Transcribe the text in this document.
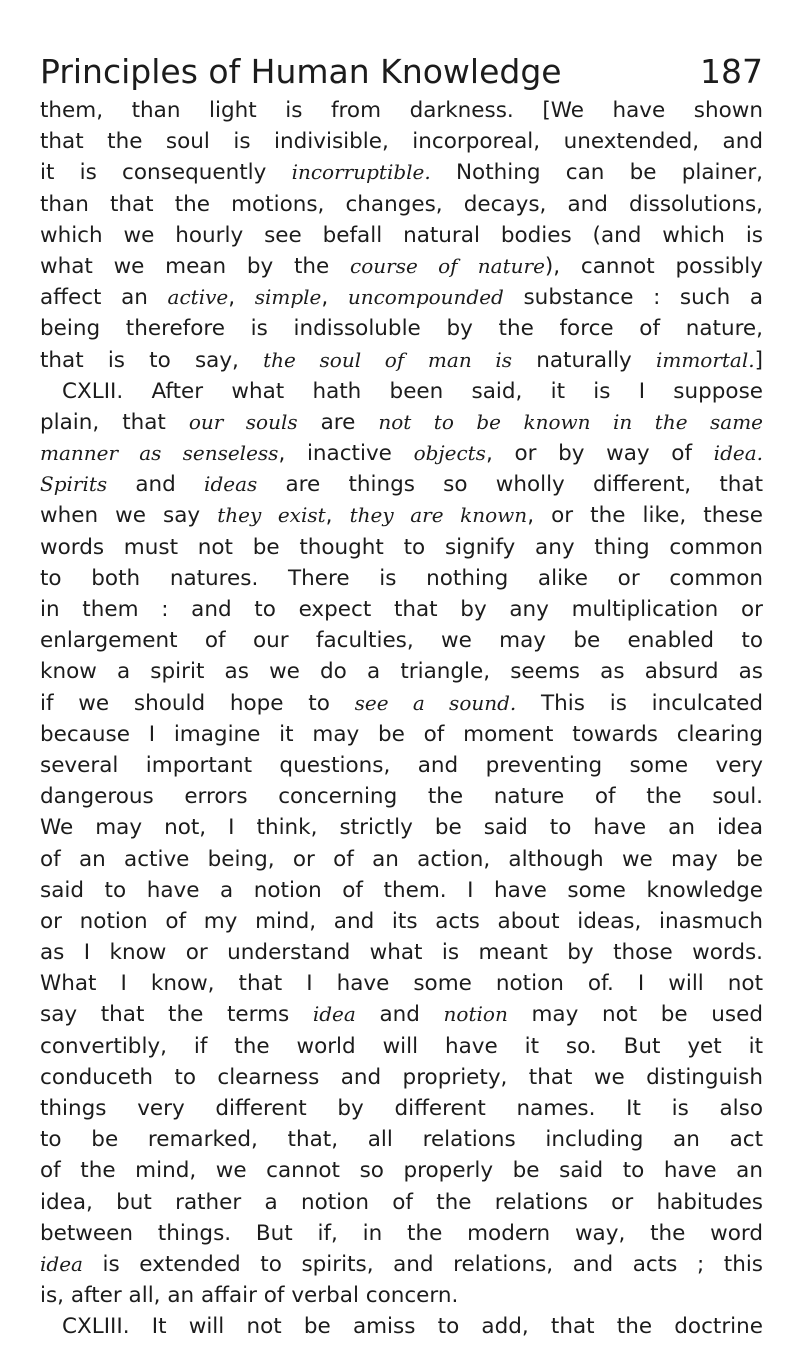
Principles of Human Knowledge	187
them, than light is from darkness. [We have shown
that the soul is indivisible, incorporeal, unextended, and
it is consequently incorruptible. Nothing can be plainer,
than that the motions, changes, decays, and dissolutions,
which we hourly see befall natural bodies (and which is
what we mean by the course of nature), cannot possibly
affect an active, simple, uncompounded substance : such a
being therefore is indissoluble by the force of nature,
that is to say, the soul of man is naturally immortal.]
CXLII. After what hath been said, it is I suppose
plain, that our souls are not to be known in the same
manner as senseless, inactive objects, or by way of idea.
Spirits and ideas are things so wholly different, that
when we say they exist, they are known, or the like, these
words must not be thought to signify any thing common
to both natures. There is nothing alike or common
in them : and to expect that by any multiplication or
enlargement of our faculties, we may be enabled to
know a spirit as we do a triangle, seems as absurd as
if we should hope to see a sound. This is inculcated
because I imagine it may be of moment towards clearing
several important questions, and preventing some very
dangerous errors concerning the nature of the soul.
We may not, I think, strictly be said to have an idea
of an active being, or of an action, although we may be
said to have a notion of them. I have some knowledge
or notion of my mind, and its acts about ideas, inasmuch
as I know or understand what is meant by those words.
What I know, that I have some notion of. I will not
say that the terms idea and notion may not be used
convertibly, if the world will have it so. But yet it
conduceth to clearness and propriety, that we distinguish
things very different by different names. It is also
to be remarked, that, all relations including an act
of the mind, we cannot so properly be said to have an
idea, but rather a notion of the relations or habitudes
between things. But if, in the modern way, the word
idea is extended to spirits, and relations, and acts ; this
is, after all, an affair of verbal concern.
CXLIII. It will not be amiss to add, that the doctrine
